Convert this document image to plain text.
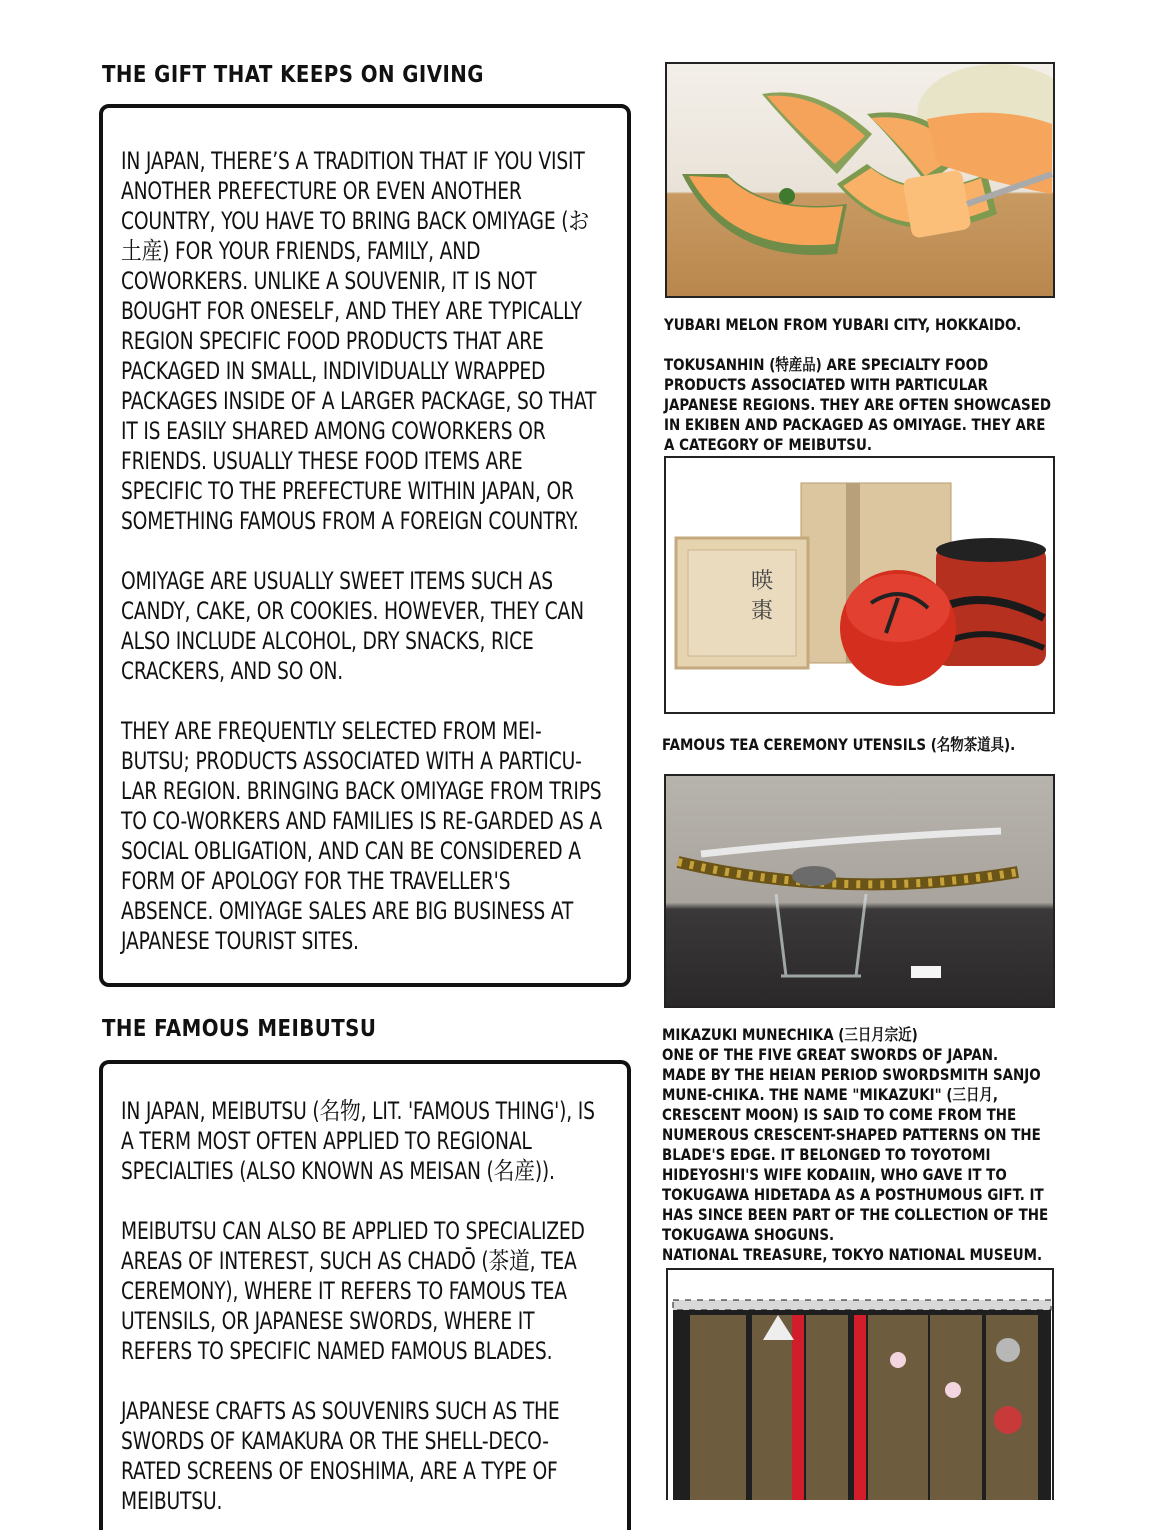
THE GIFT THAT KEEPS ON GIVING
IN JAPAN, THERE’S A TRADITION THAT IF YOU VISIT ANOTHER PREFECTURE OR EVEN ANOTHER COUNTRY, YOU HAVE TO BRING BACK OMIYAGE (お土産) FOR YOUR FRIENDS, FAMILY, AND COWORKERS. UNLIKE A SOUVENIR, IT IS NOT BOUGHT FOR ONESELF, AND THEY ARE TYPICALLY REGION SPECIFIC FOOD PRODUCTS THAT ARE PACKAGED IN SMALL, INDIVIDUALLY WRAPPED PACKAGES INSIDE OF A LARGER PACKAGE, SO THAT IT IS EASILY SHARED AMONG COWORKERS OR FRIENDS. USUALLY THESE FOOD ITEMS ARE SPECIFIC TO THE PREFECTURE WITHIN JAPAN, OR SOMETHING FAMOUS FROM A FOREIGN COUNTRY.
OMIYAGE ARE USUALLY SWEET ITEMS SUCH AS CANDY, CAKE, OR COOKIES. HOWEVER, THEY CAN ALSO INCLUDE ALCOHOL, DRY SNACKS, RICE CRACKERS, AND SO ON.
THEY ARE FREQUENTLY SELECTED FROM MEI-BUTSU; PRODUCTS ASSOCIATED WITH A PARTICU-LAR REGION. BRINGING BACK OMIYAGE FROM TRIPS TO CO-WORKERS AND FAMILIES IS RE-GARDED AS A SOCIAL OBLIGATION, AND CAN BE CONSIDERED A FORM OF APOLOGY FOR THE TRAVELLER'S ABSENCE. OMIYAGE SALES ARE BIG BUSINESS AT JAPANESE TOURIST SITES.
THE FAMOUS MEIBUTSU
IN JAPAN, MEIBUTSU (名物, LIT. 'FAMOUS THING'), IS A TERM MOST OFTEN APPLIED TO REGIONAL SPECIALTIES (ALSO KNOWN AS MEISAN (名産)).
MEIBUTSU CAN ALSO BE APPLIED TO SPECIALIZED AREAS OF INTEREST, SUCH AS CHADŌ (茶道, TEA CEREMONY), WHERE IT REFERS TO FAMOUS TEA UTENSILS, OR JAPANESE SWORDS, WHERE IT REFERS TO SPECIFIC NAMED FAMOUS BLADES.
JAPANESE CRAFTS AS SOUVENIRS SUCH AS THE SWORDS OF KAMAKURA OR THE SHELL-DECO-RATED SCREENS OF ENOSHIMA, ARE A TYPE OF MEIBUTSU.

YUBARI MELON FROM YUBARI CITY, HOKKAIDO.

TOKUSANHIN (特産品) ARE SPECIALTY FOOD PRODUCTS ASSOCIATED WITH PARTICULAR JAPANESE REGIONS. THEY ARE OFTEN SHOWCASED IN EKIBEN AND PACKAGED AS OMIYAGE. THEY ARE A CATEGORY OF MEIBUTSU.

暎
棗

FAMOUS TEA CEREMONY UTENSILS (名物茶道具).

MIKAZUKI MUNECHIKA (三日月宗近)

ONE OF THE FIVE GREAT SWORDS OF JAPAN.

MADE BY THE HEIAN PERIOD SWORDSMITH SANJO MUNE-CHIKA. THE NAME "MIKAZUKI" (三日月, CRESCENT MOON) IS SAID TO COME FROM THE NUMEROUS CRESCENT-SHAPED PATTERNS ON THE BLADE'S EDGE. IT BELONGED TO TOYOTOMI HIDEYOSHI'S WIFE KODAIIN, WHO GAVE IT TO TOKUGAWA HIDETADA AS A POSTHUMOUS GIFT. IT HAS SINCE BEEN PART OF THE COLLECTION OF THE TOKUGAWA SHOGUNS.

NATIONAL TREASURE, TOKYO NATIONAL MUSEUM.
